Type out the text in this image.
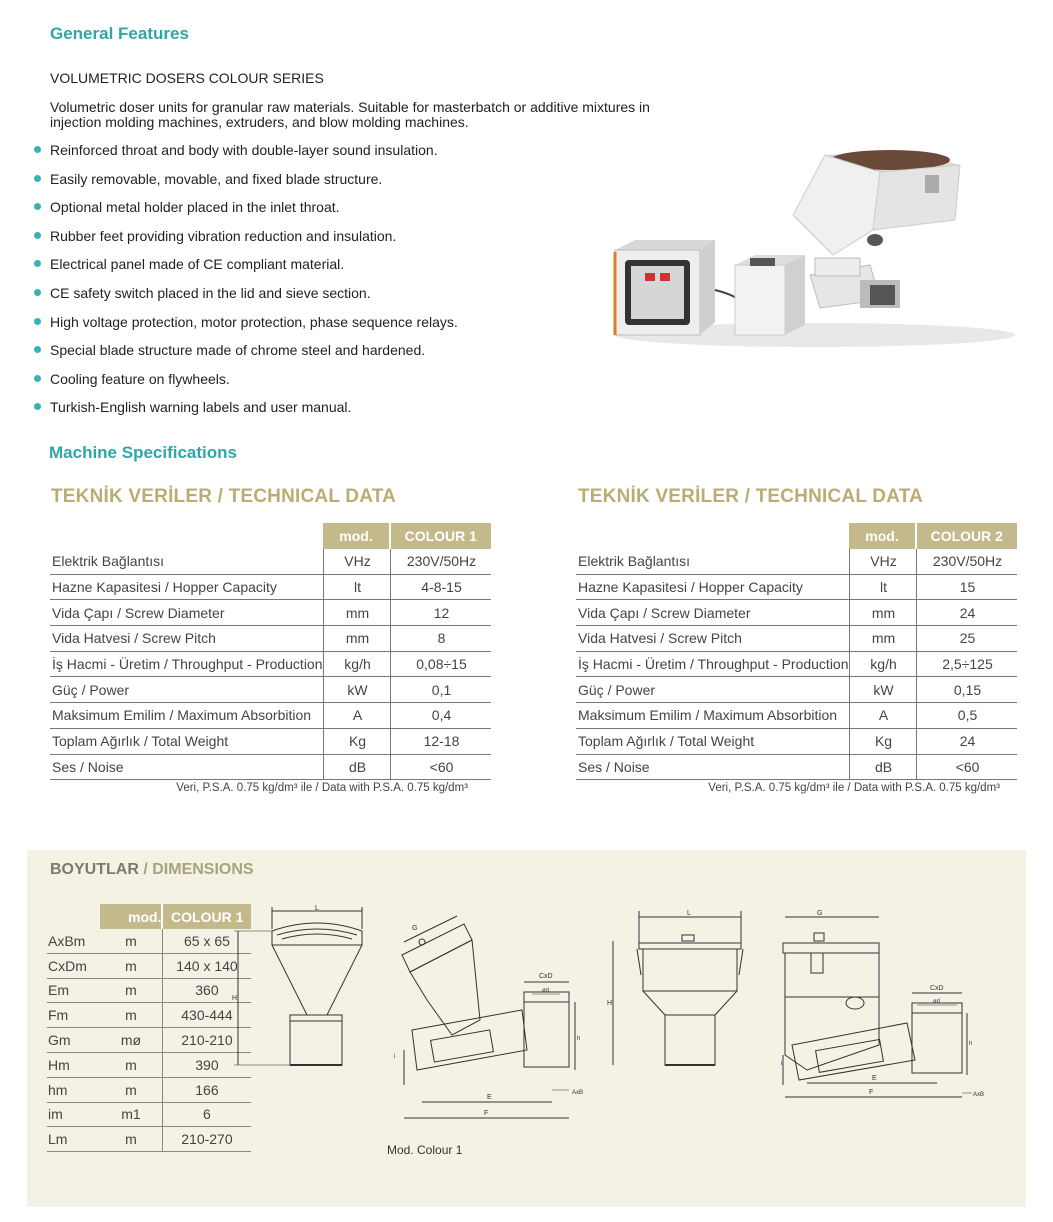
General Features
VOLUMETRIC DOSERS COLOUR SERIES
Volumetric doser units for granular raw materials. Suitable for masterbatch or additive mixtures in injection molding machines, extruders, and blow molding machines.
Reinforced throat and body with double-layer sound insulation.
Easily removable, movable, and fixed blade structure.
Optional metal holder placed in the inlet throat.
Rubber feet providing vibration reduction and insulation.
Electrical panel made of CE compliant material.
CE safety switch placed in the lid and sieve section.
High voltage protection, motor protection, phase sequence relays.
Special blade structure made of chrome steel and hardened.
Cooling feature on flywheels.
Turkish-English warning labels and user manual.
Machine Specifications
TEKNİK VERİLER / TECHNICAL DATA	TEKNİK VERİLER / TECHNICAL DATA
	mod.	COLOUR 1
Elektrik Bağlantısı	VHz	230V/50Hz
Hazne Kapasitesi / Hopper Capacity	lt	4-8-15
Vida Çapı / Screw Diameter	mm	12
Vida Hatvesi / Screw Pitch	mm	8
İş Hacmi - Üretim / Throughput - Production	kg/h	0,08÷15
Güç / Power	kW	0,1
Maksimum Emilim / Maximum Absorbition	A	0,4
Toplam Ağırlık / Total Weight	Kg	12-18
Ses / Noise	dB	<60
Veri, P.S.A. 0.75 kg/dm³ ile / Data with P.S.A. 0.75 kg/dm³
	mod.	COLOUR 2
Elektrik Bağlantısı	VHz	230V/50Hz
Hazne Kapasitesi / Hopper Capacity	lt	15
Vida Çapı / Screw Diameter	mm	24
Vida Hatvesi / Screw Pitch	mm	25
İş Hacmi - Üretim / Throughput - Production	kg/h	2,5÷125
Güç / Power	kW	0,15
Maksimum Emilim / Maximum Absorbition	A	0,5
Toplam Ağırlık / Total Weight	Kg	24
Ses / Noise	dB	<60
Veri, P.S.A. 0.75 kg/dm³ ile / Data with P.S.A. 0.75 kg/dm³
BOYUTLAR / DIMENSIONS
	mod.	COLOUR 1
AxBm	m	65 x 65
CxDm	m	140 x 140
Em	m	360
Fm	m	430-444
Gm	mø	210-210
Hm	m	390
hm	m	166
im	m1	6
Lm	m	210-270
L
H
G
CxD
ød
h
i
E
AxB
F
Mod. Colour 1
L
H
G
CxD
ød
h
i
AxB
E
F
